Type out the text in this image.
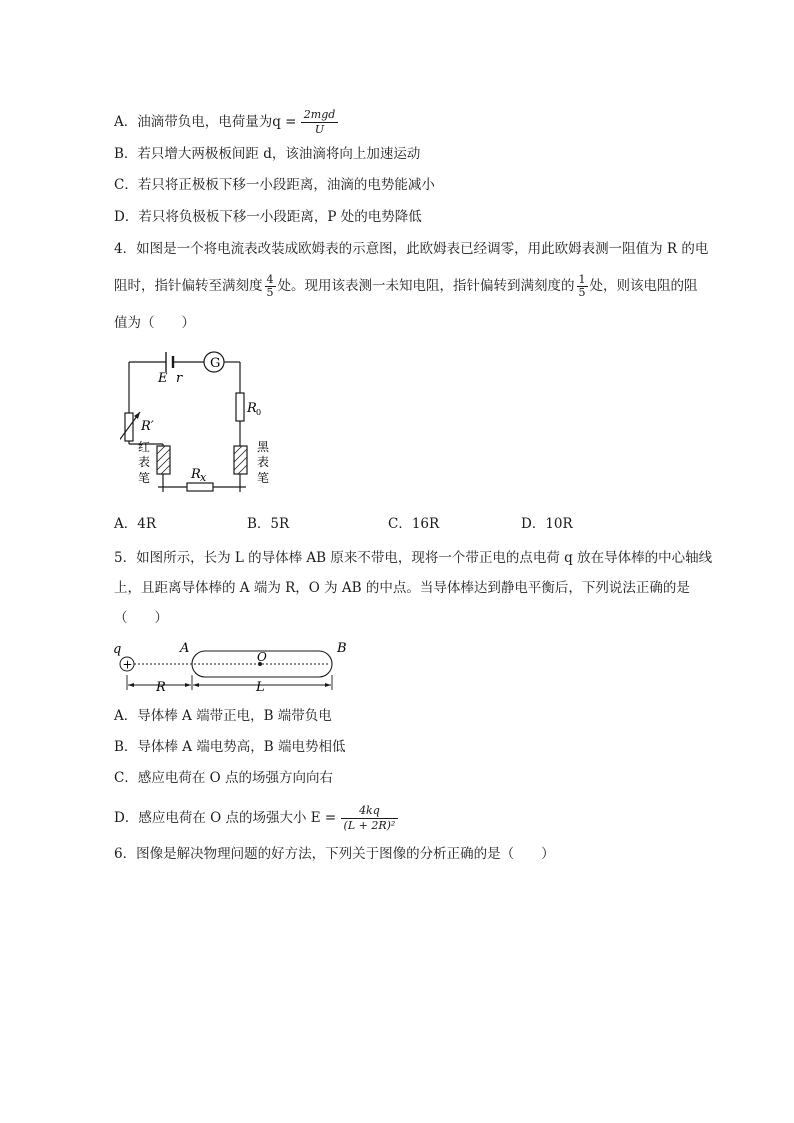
A．油滴带负电，电荷量为$q = \frac{\text{2mgd}}{U}$
B．若只增大两极板间距 d，该油滴将向上加速运动
C．若只将正极板下移一小段距离，油滴的电势能减小
D．若只将负极板下移一小段距离，P 处的电势降低
4．如图是一个将电流表改装成欧姆表的示意图，此欧姆表已经调零，用此欧姆表测一阻值为 R 的电
阻时，指针偏转至满刻度 $\frac{4}{5}$ 处。现用该表测一未知电阻，指针偏转到满刻度的 $\frac{1}{5}$ 处，则该电阻的阻
值为（　　）
G
E r
R′
R 0
R x
红
表
笔
黑
表
笔
A．4R	B．5R	C．16R	D．10R
5．如图所示，长为 L 的导体棒 AB 原来不带电，现将一个带正电的点电荷 q 放在导体棒的中心轴线
上，且距离导体棒的 A 端为 R，O 为 AB 的中点。当导体棒达到静电平衡后，下列说法正确的是
（　　）
+
q	A	B
O
R	L
A．导体棒 A 端带正电，B 端带负电
B．导体棒 A 端电势高，B 端电势相低
C．感应电荷在 O 点的场强方向向右
D．感应电荷在 O 点的场强大小 $E = \frac{4kq}{\text{(L + 2R)²}}$
6．图像是解决物理问题的好方法，下列关于图像的分析正确的是（　　）
